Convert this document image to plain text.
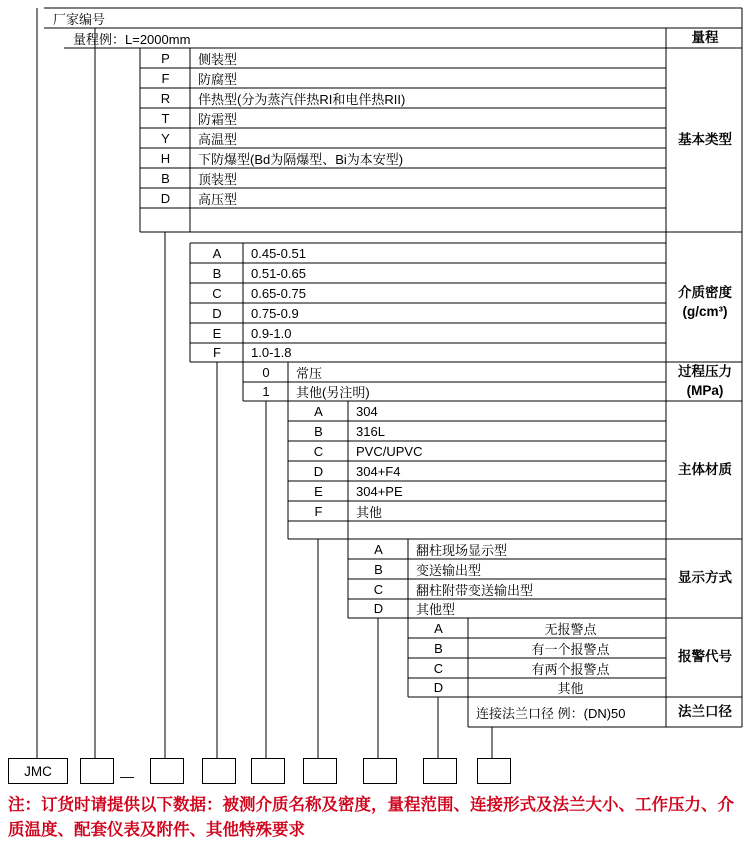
厂家编号
量程例：L=2000mm	量程
P	侧装型
F	防腐型
R	伴热型(分为蒸汽伴热RI和电伴热RII)
T	防霜型
Y	高温型
H	下防爆型(Bd为隔爆型、Bi为本安型)
B	顶装型
D	高压型
基本类型
A	0.45-0.51
B	0.51-0.65
C	0.65-0.75
D	0.75-0.9
E	0.9-1.0
F	1.0-1.8
介质密度
(g/cm³)
0	常压
1	其他(另注明)
过程压力
(MPa)
A	304
B	316L
C	PVC/UPVC
D	304+F4
E	304+PE
F	其他
主体材质
A	翻柱现场显示型
B	变送输出型
C	翻柱附带变送输出型
D	其他型
显示方式
A	无报警点
B	有一个报警点
C	有两个报警点
D	其他
报警代号
连接法兰口径 例：(DN)50	法兰口径
JMC	—
注：订货时请提供以下数据：被测介质名称及密度，量程范围、连接形式及法兰大小、工作压力、介质温度、配套仪表及附件、其他特殊要求
